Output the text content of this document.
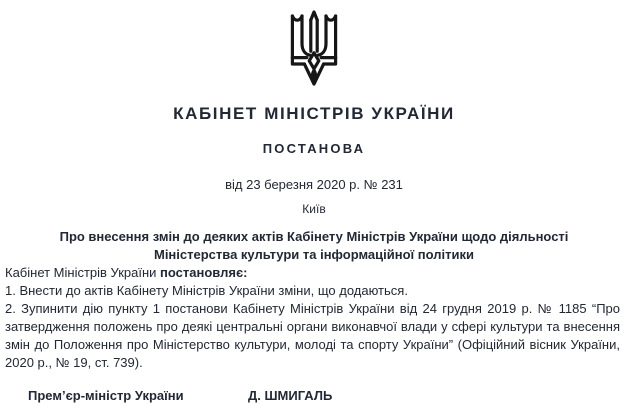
КАБІНЕТ МІНІСТРІВ УКРАЇНИ
ПОСТАНОВА
від 23 березня 2020 р. № 231
Київ
Про внесення змін до деяких актів Кабінету Міністрів України щодо діяльності Міністерства культури та інформаційної політики

Кабінет Міністрів України постановляє:

1. Внести до актів Кабінету Міністрів України зміни, що додаються.

2. Зупинити дію пункту 1 постанови Кабінету Міністрів України від 24 грудня 2019 р. № 1185 “Про затвердження положень про деякі центральні органи виконавчої влади у сфері культури та внесення змін до Положення про Міністерство культури, молоді та спорту України” (Офіційний вісник України, 2020 р., № 19, ст. 739).

Прем’єр-міністр України	Д. ШМИГАЛЬ
